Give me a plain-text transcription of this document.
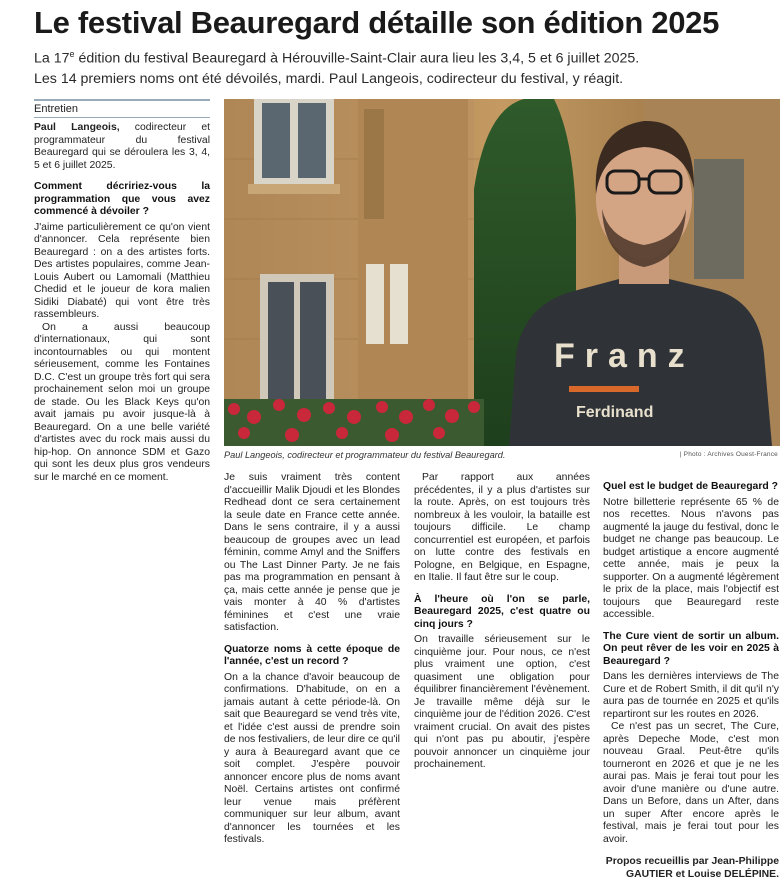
Le festival Beauregard détaille son édition 2025

La 17e édition du festival Beauregard à Hérouville-Saint-Clair aura lieu les 3,4, 5 et 6 juillet 2025.

Les 14 premiers noms ont été dévoilés, mardi. Paul Langeois, codirecteur du festival, y réagit.

Entretien

Paul Langeois, codirecteur et programmateur du festival Beauregard qui se déroulera les 3, 4, 5 et 6 juillet 2025.

Comment décririez-vous la programmation que vous avez commencé à dévoiler ?

J'aime particulièrement ce qu'on vient d'annoncer. Cela représente bien Beauregard : on a des artistes forts. Des artistes populaires, comme Jean-Louis Aubert ou Lamomali (Matthieu Chedid et le joueur de kora malien Sidiki Diabaté) qui vont être très rassembleurs.

On a aussi beaucoup d'internationaux, qui sont incontournables ou qui montent sérieusement, comme les Fontaines D.C. C'est un groupe très fort qui sera prochainement selon moi un groupe de stade. Ou les Black Keys qu'on avait jamais pu avoir jusque-là à Beauregard. On a une belle variété d'artistes avec du rock mais aussi du hip-hop. On annonce SDM et Gazo qui sont les deux plus gros vendeurs sur le marché en ce moment.

Franz
Ferdinand
Paul Langeois, codirecteur et programmateur du festival Beauregard.	| Photo : Archives Ouest-France

Je suis vraiment très content d'accueillir Malik Djoudi et les Blondes Redhead dont ce sera certainement la seule date en France cette année. Dans le sens contraire, il y a aussi beaucoup de groupes avec un lead féminin, comme Amyl and the Sniffers ou The Last Dinner Party. Je ne fais pas ma programmation en pensant à ça, mais cette année je pense que je vais monter à 40 % d'artistes féminines et c'est une vraie satisfaction.

Quatorze noms à cette époque de l'année, c'est un record ?

On a la chance d'avoir beaucoup de confirmations. D'habitude, on en a jamais autant à cette période-là. On sait que Beauregard se vend très vite, et l'idée c'est aussi de prendre soin de nos festivaliers, de leur dire ce qu'il y aura à Beauregard avant que ce soit complet. J'espère pouvoir annoncer encore plus de noms avant Noël. Certains artistes ont confirmé leur venue mais préfèrent communiquer sur leur album, avant d'annoncer les tournées et les festivals.

Par rapport aux années précédentes, il y a plus d'artistes sur la route. Après, on est toujours très nombreux à les vouloir, la bataille est toujours difficile. Le champ concurrentiel est européen, et parfois on lutte contre des festivals en Pologne, en Belgique, en Espagne, en Italie. Il faut être sur le coup.

À l'heure où l'on se parle, Beauregard 2025, c'est quatre ou cinq jours ?

On travaille sérieusement sur le cinquième jour. Pour nous, ce n'est plus vraiment une option, c'est quasiment une obligation pour équilibrer financièrement l'évènement. Je travaille même déjà sur le cinquième jour de l'édition 2026. C'est vraiment crucial. On avait des pistes qui n'ont pas pu aboutir, j'espère pouvoir annoncer un cinquième jour prochainement.

Quel est le budget de Beauregard ?

Notre billetterie représente 65 % de nos recettes. Nous n'avons pas augmenté la jauge du festival, donc le budget ne change pas beaucoup. Le budget artistique a encore augmenté cette année, mais je peux la supporter. On a augmenté légèrement le prix de la place, mais l'objectif est toujours que Beauregard reste accessible.

The Cure vient de sortir un album. On peut rêver de les voir en 2025 à Beauregard ?

Dans les dernières interviews de The Cure et de Robert Smith, il dit qu'il n'y aura pas de tournée en 2025 et qu'ils repartiront sur les routes en 2026.

Ce n'est pas un secret, The Cure, après Depeche Mode, c'est mon nouveau Graal. Peut-être qu'ils tourneront en 2026 et que je ne les aurai pas. Mais je ferai tout pour les avoir d'une manière ou d'une autre. Dans un Before, dans un After, dans un super After encore après le festival, mais je ferai tout pour les avoir.

Propos recueillis par Jean-Philippe GAUTIER et Louise DELÉPINE.
